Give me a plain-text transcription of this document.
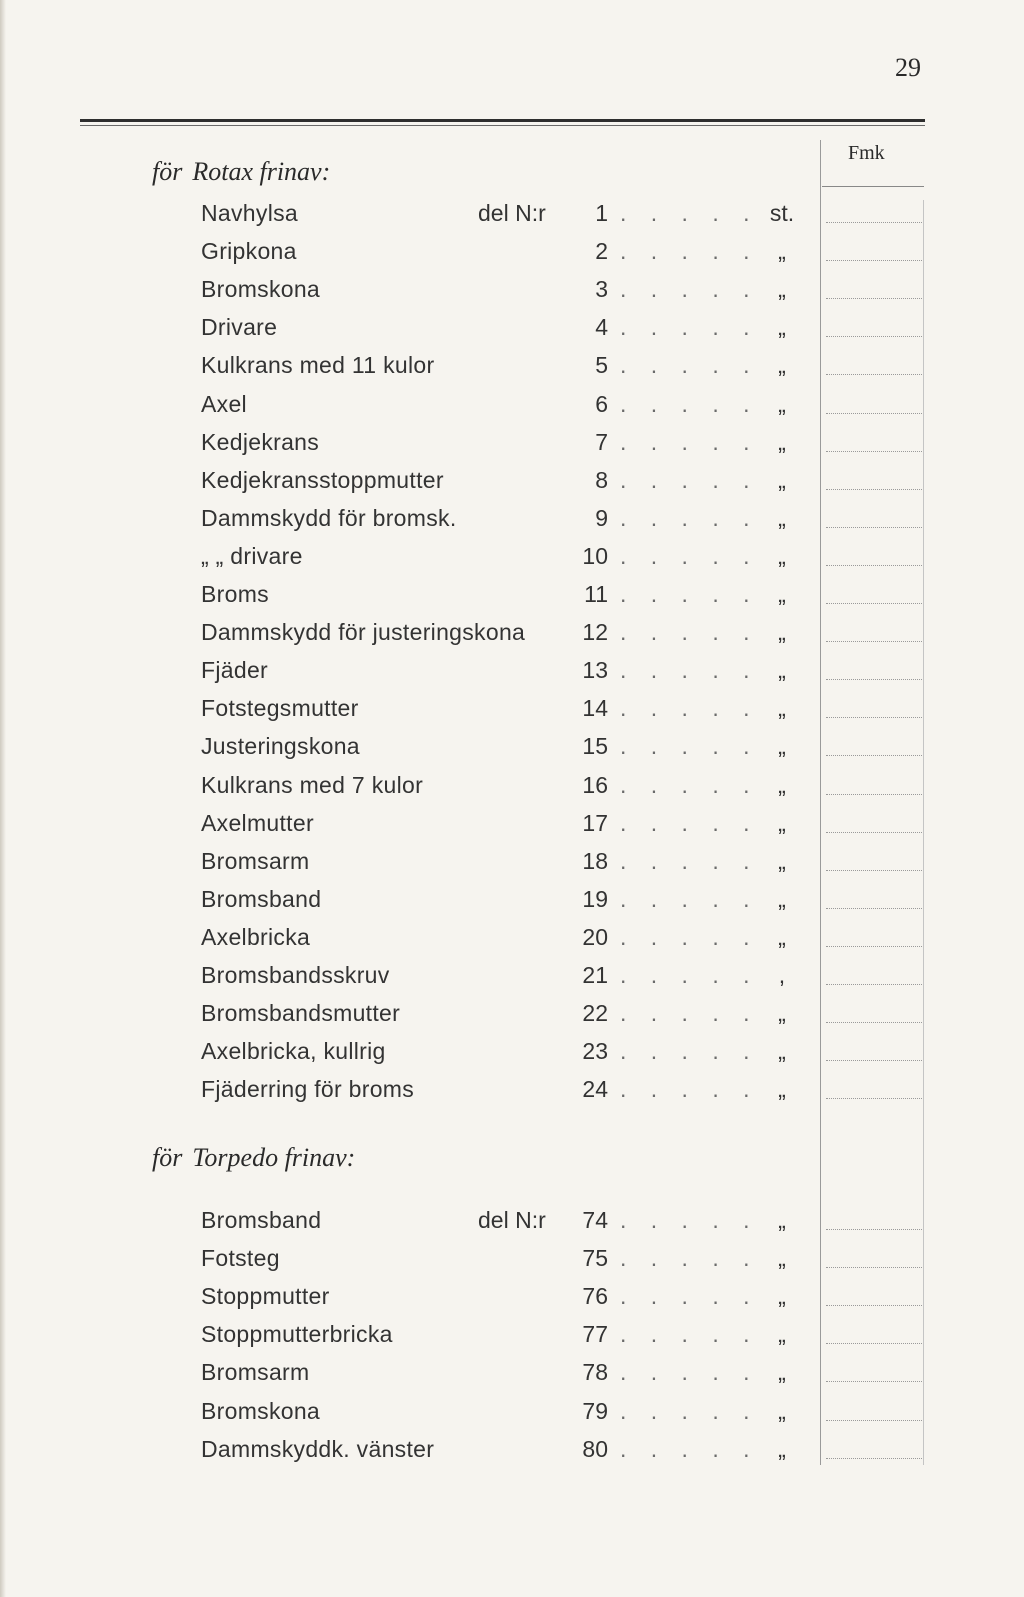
29
Fmk
för Rotax frinav:
Navhylsa	del N:r	1 . . . . . st.
Gripkona	2 . . . . . „
Bromskona	3 . . . . . „
Drivare	4 . . . . . „
Kulkrans med 11 kulor	5 . . . . . „
Axel	6 . . . . . „
Kedjekrans	7 . . . . . „
Kedjekransstoppmutter	8 . . . . . „
Dammskydd för bromsk.	9 . . . . . „
„ „ drivare	10 . . . . . „
Broms	11 . . . . . „
Dammskydd för justeringskona	12 . . . . . „
Fjäder	13 . . . . . „
Fotstegsmutter	14 . . . . . „
Justeringskona	15 . . . . . „
Kulkrans med 7 kulor	16 . . . . . „
Axelmutter	17 . . . . . „
Bromsarm	18 . . . . . „
Bromsband	19 . . . . . „
Axelbricka	20 . . . . . „
Bromsbandsskruv	21 . . . . . ,
Bromsbandsmutter	22 . . . . . „
Axelbricka, kullrig	23 . . . . . „
Fjäderring för broms	24 . . . . . „
för Torpedo frinav:
Bromsband	del N:r	74 . . . . . „
Fotsteg	75 . . . . . „
Stoppmutter	76 . . . . . „
Stoppmutterbricka	77 . . . . . „
Bromsarm	78 . . . . . „
Bromskona	79 . . . . . „
Dammskyddk. vänster	80 . . . . . „
